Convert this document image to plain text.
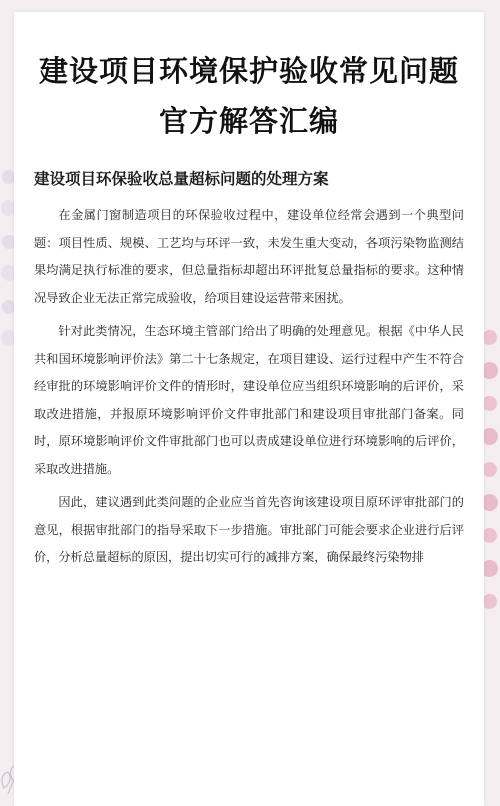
建设项目环境保护验收常见问题官方解答汇编
建设项目环保验收总量超标问题的处理方案

在金属门窗制造项目的环保验收过程中，建设单位经常会遇到一个典型问题：项目性质、规模、工艺均与环评一致，未发生重大变动，各项污染物监测结果均满足执行标准的要求，但总量指标却超出环评批复总量指标的要求。这种情况导致企业无法正常完成验收，给项目建设运营带来困扰。

针对此类情况，生态环境主管部门给出了明确的处理意见。根据《中华人民共和国环境影响评价法》第二十七条规定，在项目建设、运行过程中产生不符合经审批的环境影响评价文件的情形时，建设单位应当组织环境影响的后评价，采取改进措施，并报原环境影响评价文件审批部门和建设项目审批部门备案。同时，原环境影响评价文件审批部门也可以责成建设单位进行环境影响的后评价，采取改进措施。

因此，建议遇到此类问题的企业应当首先咨询该建设项目原环评审批部门的意见，根据审批部门的指导采取下一步措施。审批部门可能会要求企业进行后评价，分析总量超标的原因，提出切实可行的减排方案，确保最终污染物排
